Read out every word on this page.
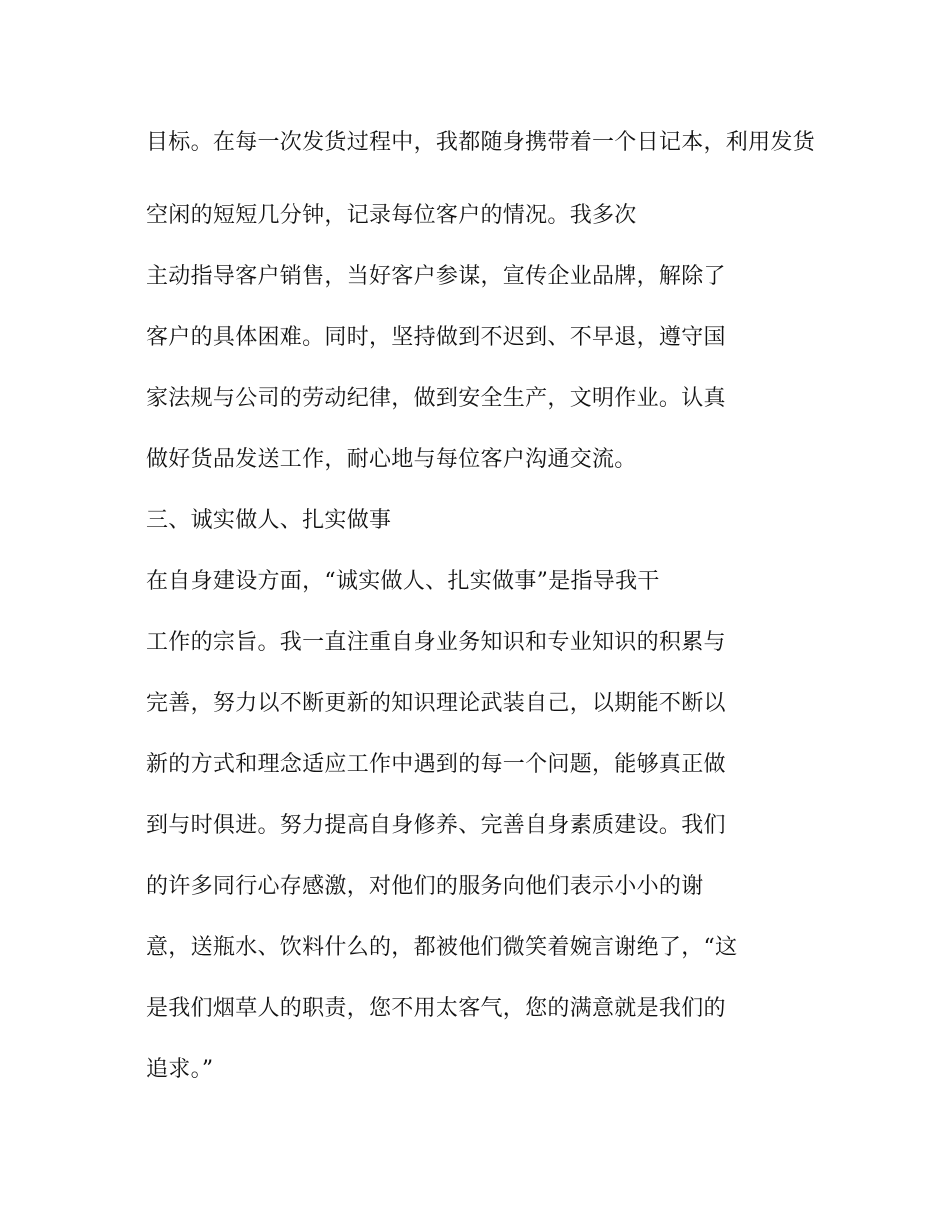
目标。在每一次发货过程中，我都随身携带着一个日记本，利用发货
空闲的短短几分钟，记录每位客户的情况。我多次
主动指导客户销售，当好客户参谋，宣传企业品牌，解除了
客户的具体困难。同时，坚持做到不迟到、不早退，遵守国
家法规与公司的劳动纪律，做到安全生产，文明作业。认真
做好货品发送工作，耐心地与每位客户沟通交流。
三、诚实做人、扎实做事
在自身建设方面，“诚实做人、扎实做事”是指导我干
工作的宗旨。我一直注重自身业务知识和专业知识的积累与
完善，努力以不断更新的知识理论武装自己，以期能不断以
新的方式和理念适应工作中遇到的每一个问题，能够真正做
到与时俱进。努力提高自身修养、完善自身素质建设。我们
的许多同行心存感激，对他们的服务向他们表示小小的谢
意，送瓶水、饮料什么的，都被他们微笑着婉言谢绝了，“这
是我们烟草人的职责，您不用太客气，您的满意就是我们的
追求。”
